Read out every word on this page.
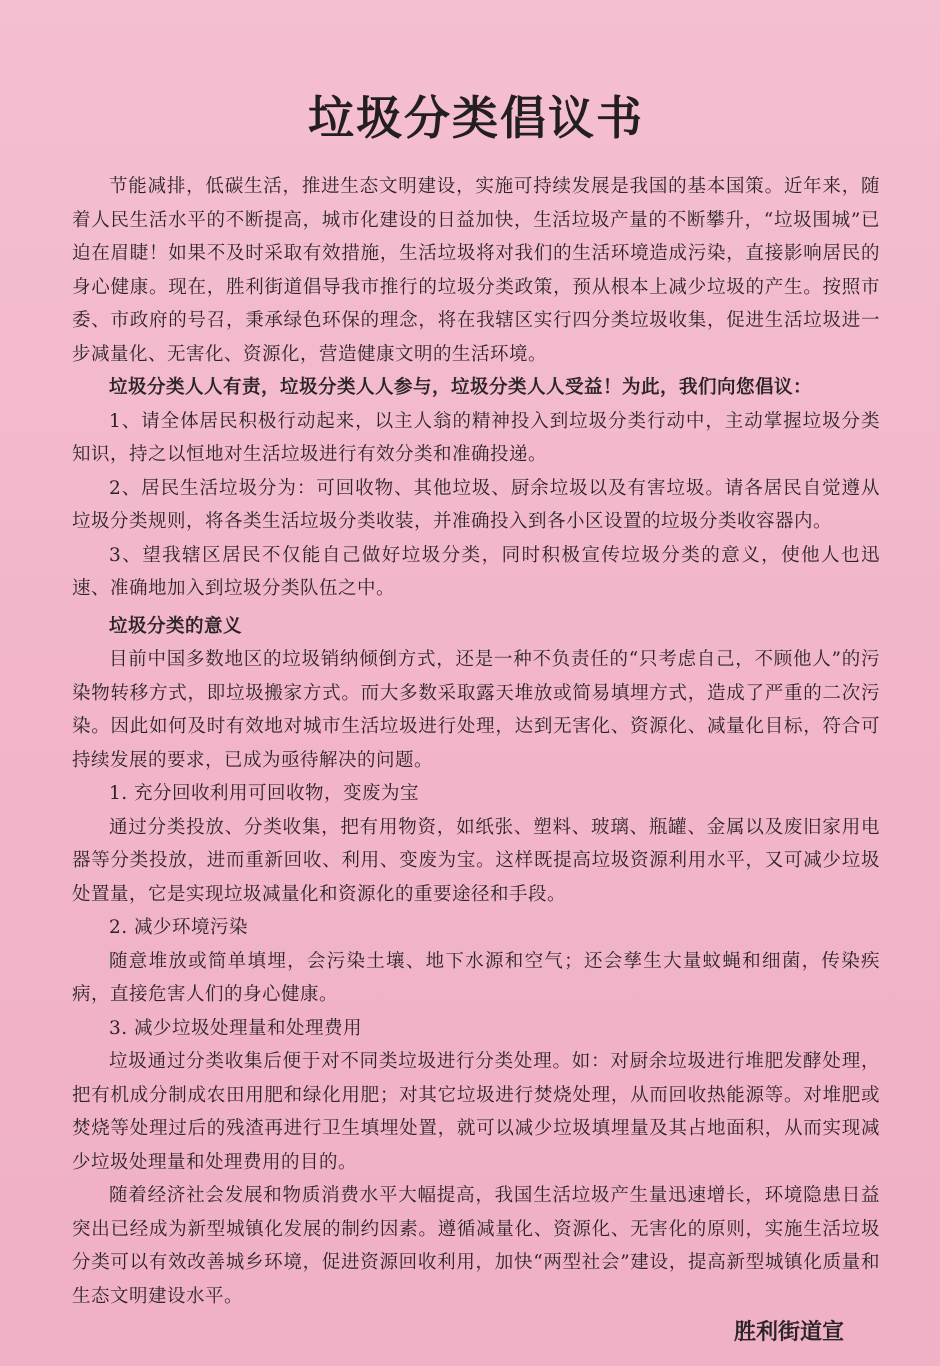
垃圾分类倡议书

节能减排，低碳生活，推进生态文明建设，实施可持续发展是我国的基本国策。近年来，随着人民生活水平的不断提高，城市化建设的日益加快，生活垃圾产量的不断攀升，“垃圾围城”已迫在眉睫！如果不及时采取有效措施，生活垃圾将对我们的生活环境造成污染，直接影响居民的身心健康。现在，胜利街道倡导我市推行的垃圾分类政策，预从根本上减少垃圾的产生。按照市委、市政府的号召，秉承绿色环保的理念，将在我辖区实行四分类垃圾收集，促进生活垃圾进一步减量化、无害化、资源化，营造健康文明的生活环境。

垃圾分类人人有责，垃圾分类人人参与，垃圾分类人人受益！为此，我们向您倡议：

1、请全体居民积极行动起来，以主人翁的精神投入到垃圾分类行动中，主动掌握垃圾分类知识，持之以恒地对生活垃圾进行有效分类和准确投递。

2、居民生活垃圾分为：可回收物、其他垃圾、厨余垃圾以及有害垃圾。请各居民自觉遵从垃圾分类规则，将各类生活垃圾分类收装，并准确投入到各小区设置的垃圾分类收容器内。

3、望我辖区居民不仅能自己做好垃圾分类，同时积极宣传垃圾分类的意义，使他人也迅速、准确地加入到垃圾分类队伍之中。

垃圾分类的意义

目前中国多数地区的垃圾销纳倾倒方式，还是一种不负责任的“只考虑自己，不顾他人”的污染物转移方式，即垃圾搬家方式。而大多数采取露天堆放或简易填埋方式，造成了严重的二次污染。因此如何及时有效地对城市生活垃圾进行处理，达到无害化、资源化、减量化目标，符合可持续发展的要求，已成为亟待解决的问题。

1. 充分回收利用可回收物，变废为宝

通过分类投放、分类收集，把有用物资，如纸张、塑料、玻璃、瓶罐、金属以及废旧家用电器等分类投放，进而重新回收、利用、变废为宝。这样既提高垃圾资源利用水平，又可减少垃圾处置量，它是实现垃圾减量化和资源化的重要途径和手段。

2. 减少环境污染

随意堆放或简单填埋，会污染土壤、地下水源和空气；还会孳生大量蚊蝇和细菌，传染疾病，直接危害人们的身心健康。

3. 减少垃圾处理量和处理费用

垃圾通过分类收集后便于对不同类垃圾进行分类处理。如：对厨余垃圾进行堆肥发酵处理，把有机成分制成农田用肥和绿化用肥；对其它垃圾进行焚烧处理，从而回收热能源等。对堆肥或焚烧等处理过后的残渣再进行卫生填埋处置，就可以减少垃圾填埋量及其占地面积，从而实现减少垃圾处理量和处理费用的目的。

随着经济社会发展和物质消费水平大幅提高，我国生活垃圾产生量迅速增长，环境隐患日益突出已经成为新型城镇化发展的制约因素。遵循减量化、资源化、无害化的原则，实施生活垃圾分类可以有效改善城乡环境，促进资源回收利用，加快“两型社会”建设，提高新型城镇化质量和生态文明建设水平。

胜利街道宣
